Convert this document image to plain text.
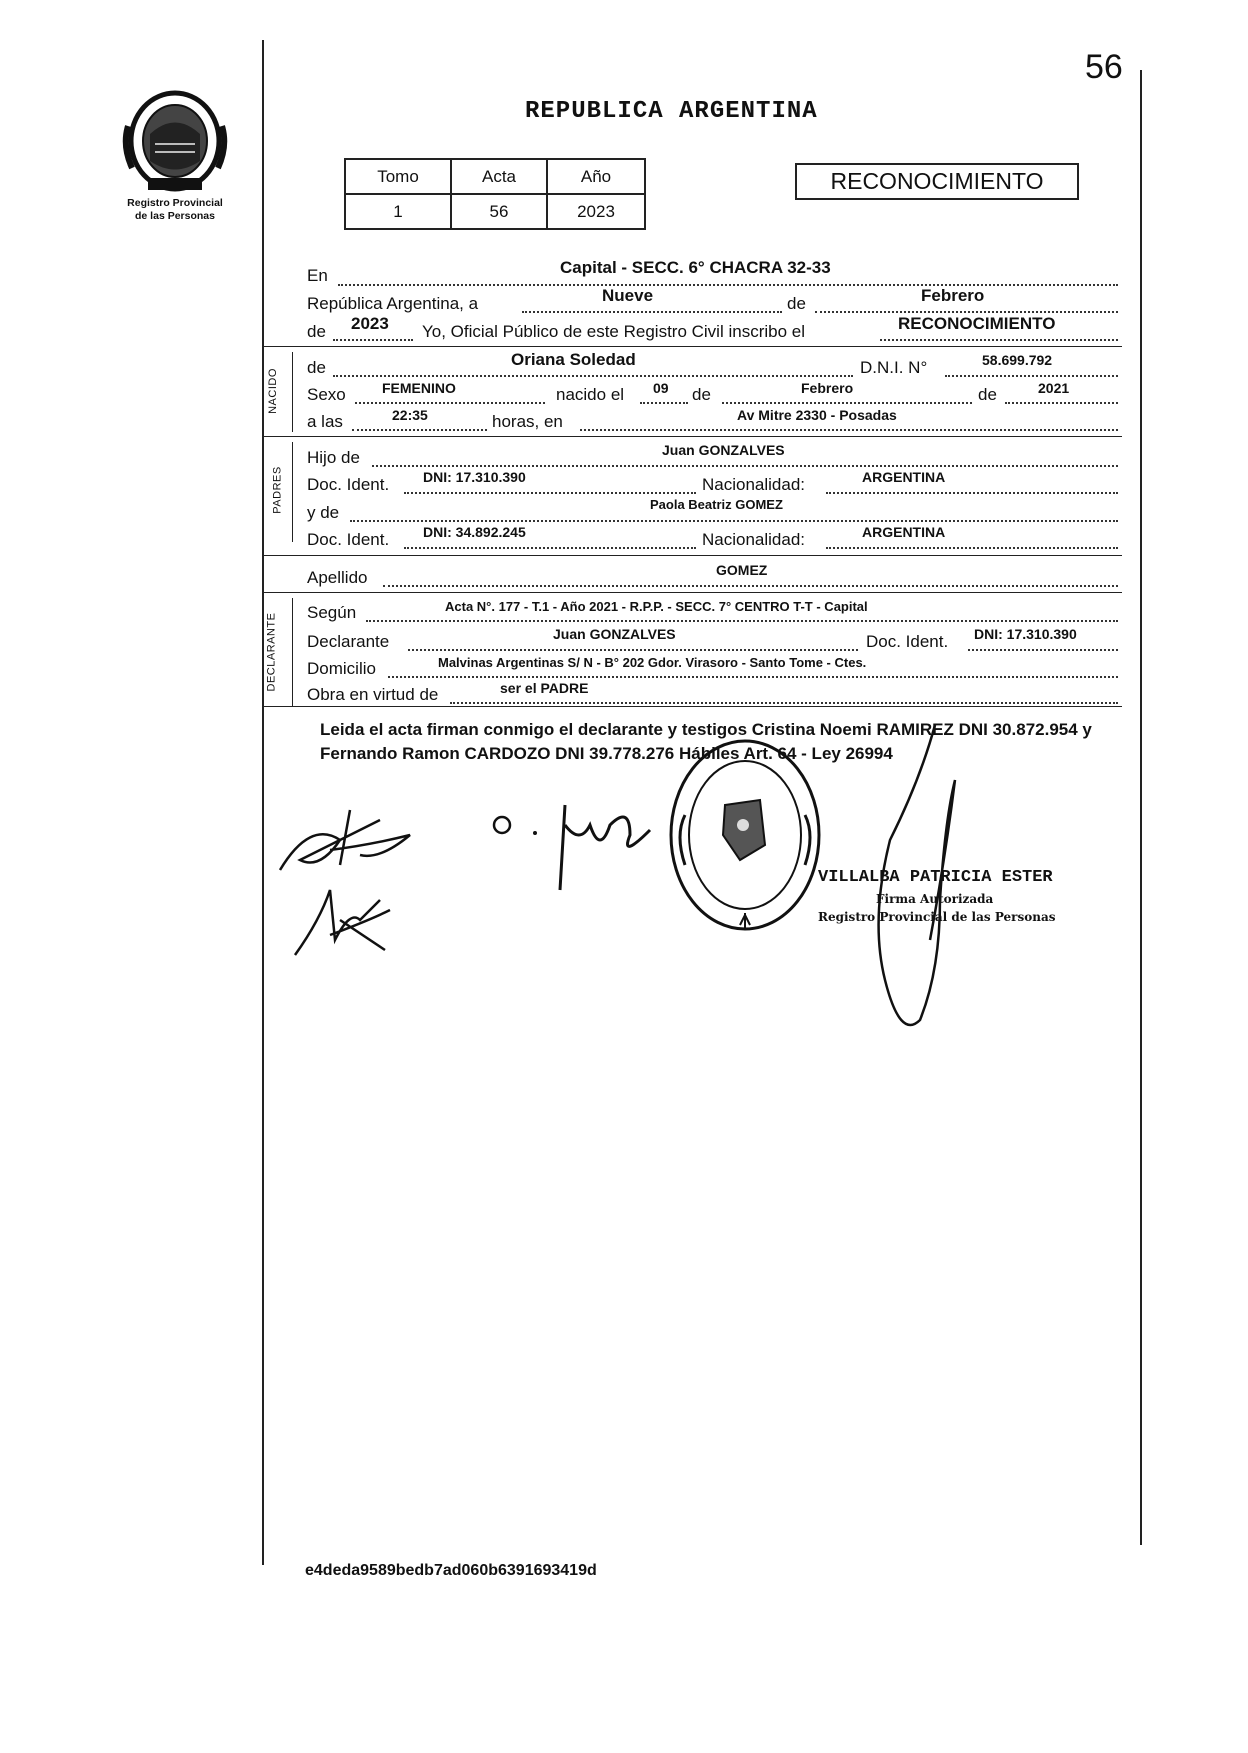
56
REPUBLICA ARGENTINA
Registro Provincial
de las Personas
Tomo	Acta	Año
1	56	2023
RECONOCIMIENTO
En	Capital - SECC. 6° CHACRA 32-33
República Argentina, a	Nueve	de	Febrero
de 2023 Yo, Oficial Público de este Registro Civil inscribo el	RECONOCIMIENTO
NACIDO
de	Oriana Soledad	D.N.I. N°	58.699.792
Sexo	FEMENINO	nacido el 09 de	Febrero	de	2021
a las	22:35	horas, en	Av Mitre 2330 - Posadas
PADRES
Hijo de	Juan GONZALVES
Doc. Ident. DNI: 17.310.390	Nacionalidad:	ARGENTINA
y de	Paola Beatriz GOMEZ
Doc. Ident. DNI: 34.892.245	Nacionalidad:	ARGENTINA
Apellido	GOMEZ
DECLARANTE
Según	Acta N°. 177 - T.1 - Año 2021 - R.P.P. - SECC. 7° CENTRO T-T - Capital
Declarante	Juan GONZALVES	Doc. Ident. DNI: 17.310.390
Domicilio	Malvinas Argentinas S/ N - B° 202 Gdor. Virasoro - Santo Tome - Ctes.
Obra en virtud de	ser el PADRE
Leida el acta firman conmigo el declarante y testigos Cristina Noemi RAMIREZ DNI 30.872.954 y Fernando Ramon CARDOZO DNI 39.778.276 Hábiles Art. 64 - Ley 26994
VILLALBA PATRICIA ESTER
Firma Autorizada
Registro Provincial de las Personas
e4deda9589bedb7ad060b6391693419d
